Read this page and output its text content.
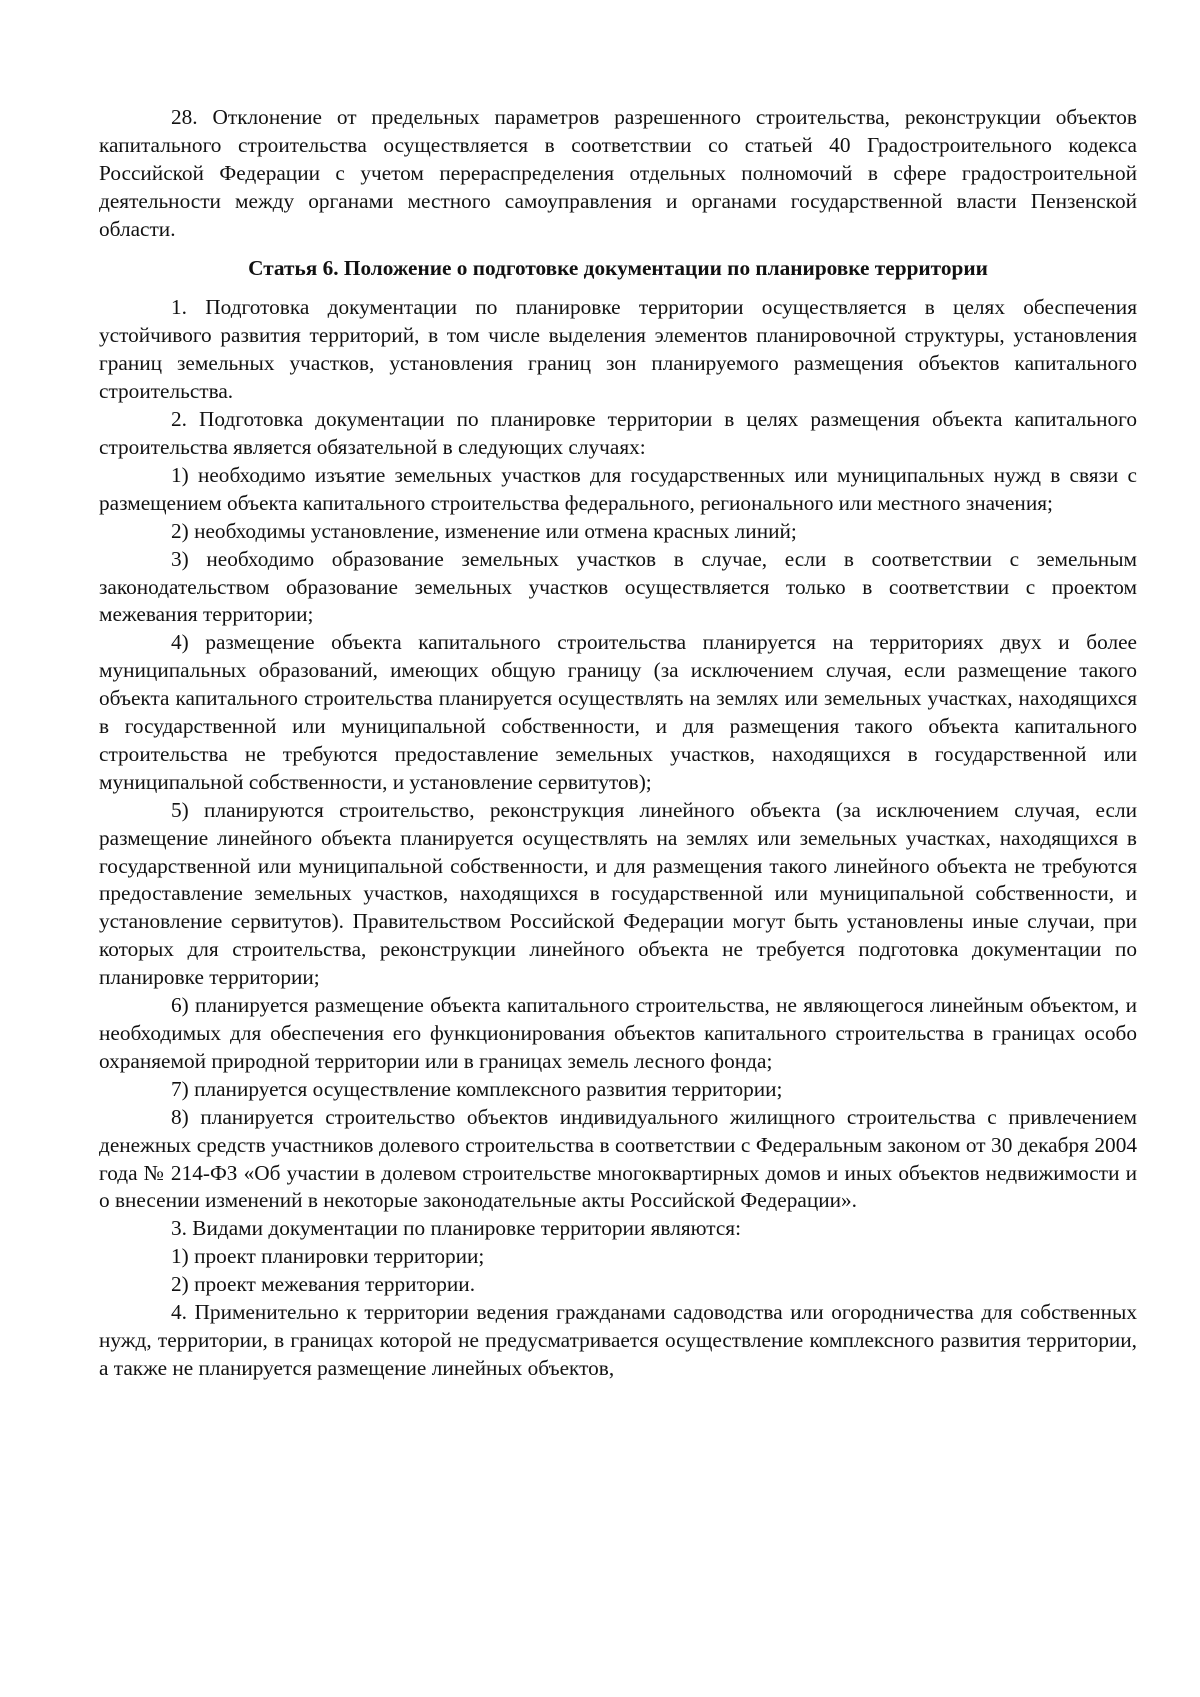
28. Отклонение от предельных параметров разрешенного строительства, реконструкции объектов капитального строительства осуществляется в соответствии со статьей 40 Градостроительного кодекса Российской Федерации с учетом перераспределения отдельных полномочий в сфере градостроительной деятельности между органами местного самоуправления и органами государственной власти Пензенской области.

Статья 6. Положение о подготовке документации по планировке территории

1. Подготовка документации по планировке территории осуществляется в целях обеспечения устойчивого развития территорий, в том числе выделения элементов планировочной структуры, установления границ земельных участков, установления границ зон планируемого размещения объектов капитального строительства.

2. Подготовка документации по планировке территории в целях размещения объекта капитального строительства является обязательной в следующих случаях:

1) необходимо изъятие земельных участков для государственных или муниципальных нужд в связи с размещением объекта капитального строительства федерального, регионального или местного значения;

2) необходимы установление, изменение или отмена красных линий;

3) необходимо образование земельных участков в случае, если в соответствии с земельным законодательством образование земельных участков осуществляется только в соответствии с проектом межевания территории;

4) размещение объекта капитального строительства планируется на территориях двух и более муниципальных образований, имеющих общую границу (за исключением случая, если размещение такого объекта капитального строительства планируется осуществлять на землях или земельных участках, находящихся в государственной или муниципальной собственности, и для размещения такого объекта капитального строительства не требуются предоставление земельных участков, находящихся в государственной или муниципальной собственности, и установление сервитутов);

5) планируются строительство, реконструкция линейного объекта (за исключением случая, если размещение линейного объекта планируется осуществлять на землях или земельных участках, находящихся в государственной или муниципальной собственности, и для размещения такого линейного объекта не требуются предоставление земельных участков, находящихся в государственной или муниципальной собственности, и установление сервитутов). Правительством Российской Федерации могут быть установлены иные случаи, при которых для строительства, реконструкции линейного объекта не требуется подготовка документации по планировке территории;

6) планируется размещение объекта капитального строительства, не являющегося линейным объектом, и необходимых для обеспечения его функционирования объектов капитального строительства в границах особо охраняемой природной территории или в границах земель лесного фонда;

7) планируется осуществление комплексного развития территории;

8) планируется строительство объектов индивидуального жилищного строительства с привлечением денежных средств участников долевого строительства в соответствии с Федеральным законом от 30 декабря 2004 года № 214-ФЗ «Об участии в долевом строительстве многоквартирных домов и иных объектов недвижимости и о внесении изменений в некоторые законодательные акты Российской Федерации».

3. Видами документации по планировке территории являются:

1) проект планировки территории;

2) проект межевания территории.

4. Применительно к территории ведения гражданами садоводства или огородничества для собственных нужд, территории, в границах которой не предусматривается осуществление комплексного развития территории, а также не планируется размещение линейных объектов,
